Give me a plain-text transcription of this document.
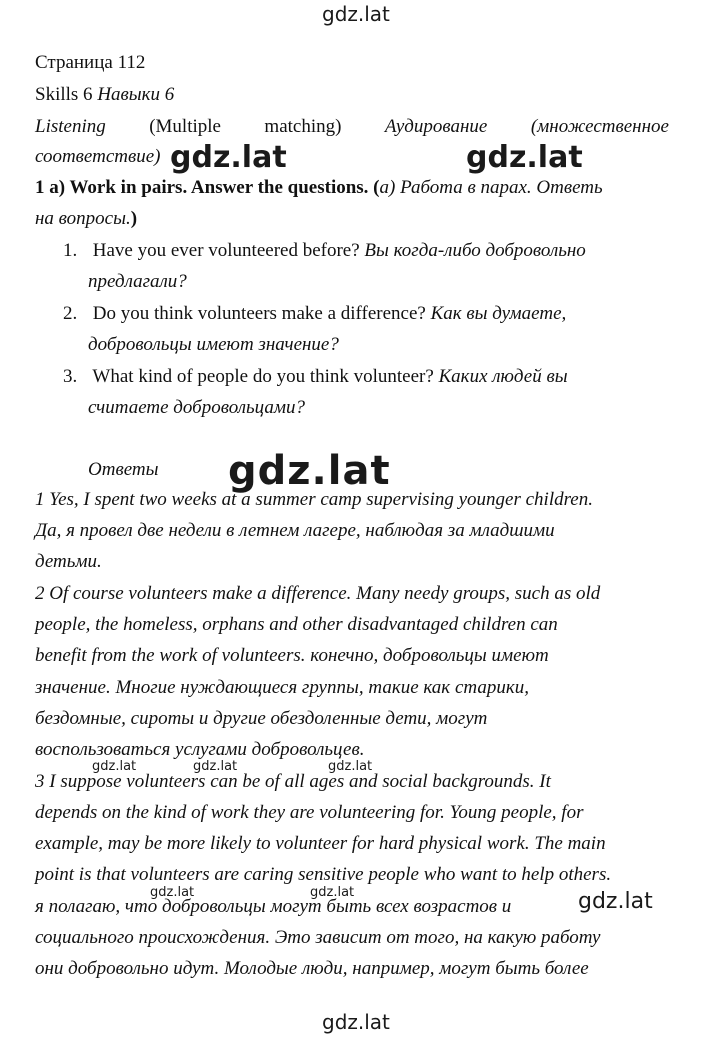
gdz.lat
Страница 112
Skills 6 Навыки 6
Listening (Multiple matching) Аудирование (множественное
соответствие) gdz.lat	gdz.lat
1 a) Work in pairs. Answer the questions. (а) Работа в парах. Ответь
на вопросы.)
1. Have you ever volunteered before? Вы когда-либо добровольно
предлагали?
2. Do you think volunteers make a difference? Как вы думаете,
добровольцы имеют значение?
3. What kind of people do you think volunteer? Каких людей вы
считаете добровольцами?
Ответы gdz.lat
1 Yes, I spent two weeks at a summer camp supervising younger children.
Да, я провел две недели в летнем лагере, наблюдая за младшими
детьми.
2 Of course volunteers make a difference. Many needy groups, such as old
people, the homeless, orphans and other disadvantaged children can
benefit from the work of volunteers. конечно, добровольцы имеют
значение. Многие нуждающиеся группы, такие как старики,
бездомные, сироты и другие обездоленные дети, могут
воспользоваться услугами добровольцев.
gdz.lat	gdz.lat	gdz.lat
3 I suppose volunteers can be of all ages and social backgrounds. It
depends on the kind of work they are volunteering for. Young people, for
example, may be more likely to volunteer for hard physical work. The main
point is that volunteers are caring sensitive people who want to help others.
gdz.lat	gdz.lat
я полагаю, что добровольцы могут быть всех возрастов и	gdz.lat
социального происхождения. Это зависит от того, на какую работу
они добровольно идут. Молодые люди, например, могут быть более
gdz.lat
